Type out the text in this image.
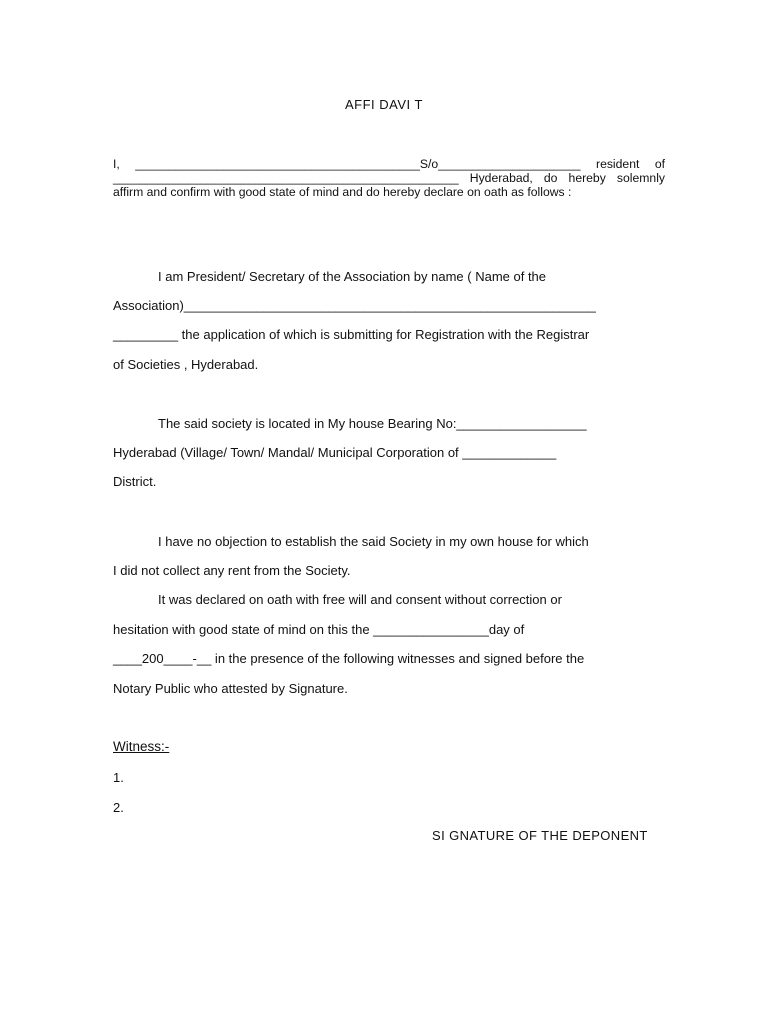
AFFI DAVI T
I, __________________________________________S/o_____________________ resident of ___________________________________________________ Hyderabad, do hereby solemnly affirm and confirm with good state of mind and do hereby declare on oath as follows :
I am President/ Secretary of the Association by name ( Name of the
Association)_________________________________________________________
_________ the application of which is submitting for Registration with the Registrar
of Societies , Hyderabad.
The said society is located in My house Bearing No:__________________
Hyderabad (Village/ Town/ Mandal/ Municipal Corporation of _____________
District.
I have no objection to establish the said Society in my own house for which
I did not collect any rent from the Society.
It was declared on oath with free will and consent without correction or
hesitation with good state of mind on this the ________________day of
____200____-__ in the presence of the following witnesses and signed before the
Notary Public who attested by Signature.
Witness:-
1.
2.
SI GNATURE OF THE DEPONENT
